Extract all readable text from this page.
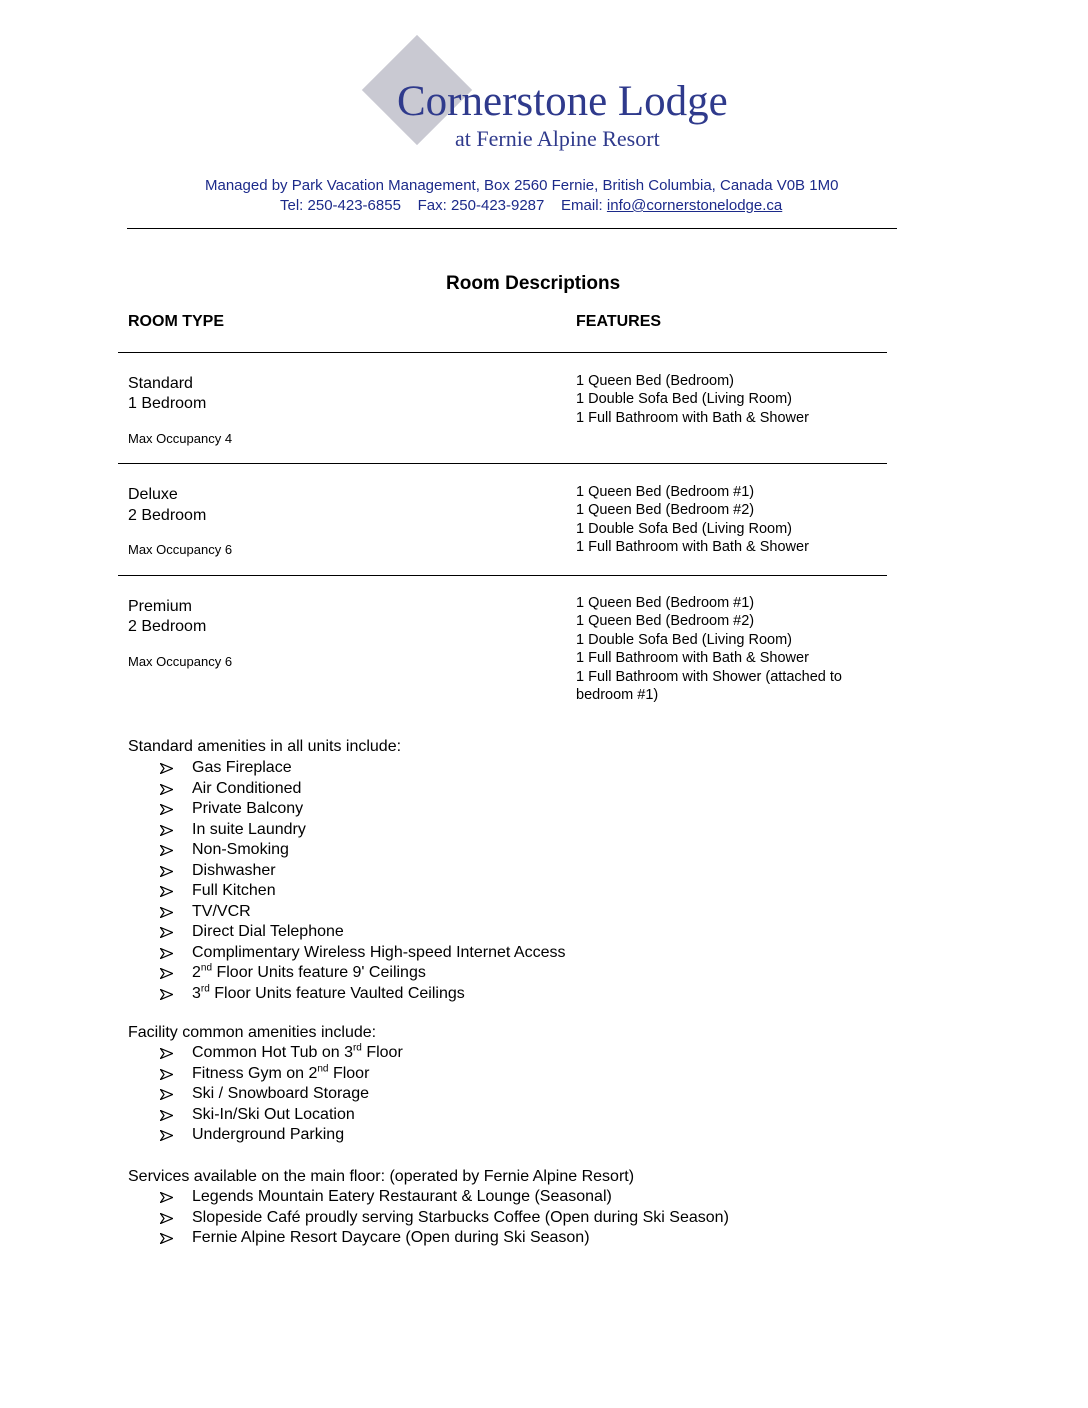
Cornerstone Lodge
at Fernie Alpine Resort
Managed by Park Vacation Management, Box 2560 Fernie, British Columbia, Canada V0B 1M0
Tel: 250-423-6855 Fax: 250-423-9287 Email: info@cornerstonelodge.ca
Room Descriptions
ROOM TYPE	FEATURES
Standard
1 Bedroom
Max Occupancy 4
1 Queen Bed (Bedroom)
1 Double Sofa Bed (Living Room)
1 Full Bathroom with Bath & Shower
Deluxe
2 Bedroom
Max Occupancy 6
1 Queen Bed (Bedroom #1)
1 Queen Bed (Bedroom #2)
1 Double Sofa Bed (Living Room)
1 Full Bathroom with Bath & Shower
Premium
2 Bedroom
Max Occupancy 6
1 Queen Bed (Bedroom #1)
1 Queen Bed (Bedroom #2)
1 Double Sofa Bed (Living Room)
1 Full Bathroom with Bath & Shower
1 Full Bathroom with Shower (attached to
bedroom #1)
Standard amenities in all units include:
Gas Fireplace
Air Conditioned
Private Balcony
In suite Laundry
Non-Smoking
Dishwasher
Full Kitchen
TV/VCR
Direct Dial Telephone
Complimentary Wireless High-speed Internet Access
2nd Floor Units feature 9' Ceilings
3rd Floor Units feature Vaulted Ceilings
Facility common amenities include:
Common Hot Tub on 3rd Floor
Fitness Gym on 2nd Floor
Ski / Snowboard Storage
Ski-In/Ski Out Location
Underground Parking
Services available on the main floor: (operated by Fernie Alpine Resort)
Legends Mountain Eatery Restaurant & Lounge (Seasonal)
Slopeside Café proudly serving Starbucks Coffee (Open during Ski Season)
Fernie Alpine Resort Daycare (Open during Ski Season)
